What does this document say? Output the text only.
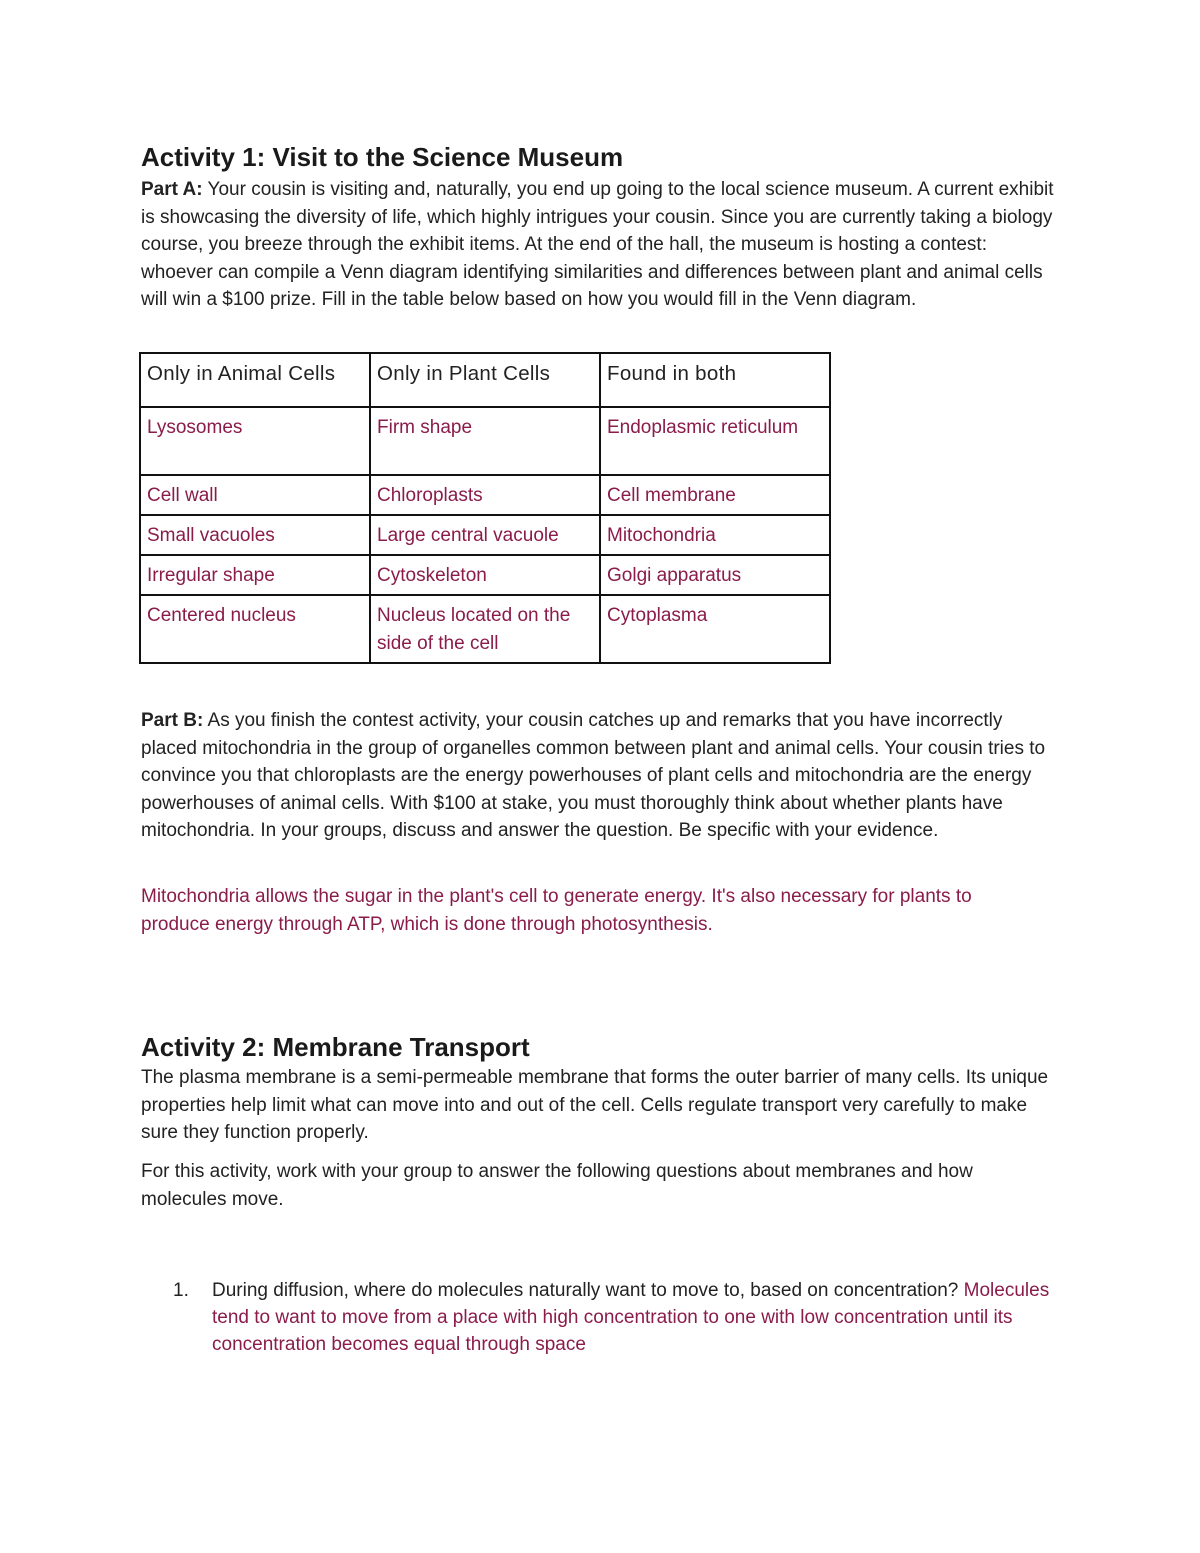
Activity 1: Visit to the Science Museum

Part A: Your cousin is visiting and, naturally, you end up going to the local science museum. A current exhibit is showcasing the diversity of life, which highly intrigues your cousin. Since you are currently taking a biology course, you breeze through the exhibit items. At the end of the hall, the museum is hosting a contest: whoever can compile a Venn diagram identifying similarities and differences between plant and animal cells will win a $100 prize. Fill in the table below based on how you would fill in the Venn diagram.

Only in Animal Cells	Only in Plant Cells	Found in both
Lysosomes	Firm shape	Endoplasmic reticulum
Cell wall	Chloroplasts	Cell membrane
Small vacuoles	Large central vacuole	Mitochondria
Irregular shape	Cytoskeleton	Golgi apparatus
Centered nucleus	Nucleus located on the side of the cell	Cytoplasma

Part B: As you finish the contest activity, your cousin catches up and remarks that you have incorrectly placed mitochondria in the group of organelles common between plant and animal cells. Your cousin tries to convince you that chloroplasts are the energy powerhouses of plant cells and mitochondria are the energy powerhouses of animal cells. With $100 at stake, you must thoroughly think about whether plants have mitochondria. In your groups, discuss and answer the question. Be specific with your evidence.

Mitochondria allows the sugar in the plant's cell to generate energy. It's also necessary for plants to produce energy through ATP, which is done through photosynthesis.

Activity 2: Membrane Transport

The plasma membrane is a semi-permeable membrane that forms the outer barrier of many cells. Its unique properties help limit what can move into and out of the cell. Cells regulate transport very carefully to make sure they function properly.

For this activity, work with your group to answer the following questions about membranes and how molecules move.

1. During diffusion, where do molecules naturally want to move to, based on concentration? Molecules tend to want to move from a place with high concentration to one with low concentration until its concentration becomes equal through space
